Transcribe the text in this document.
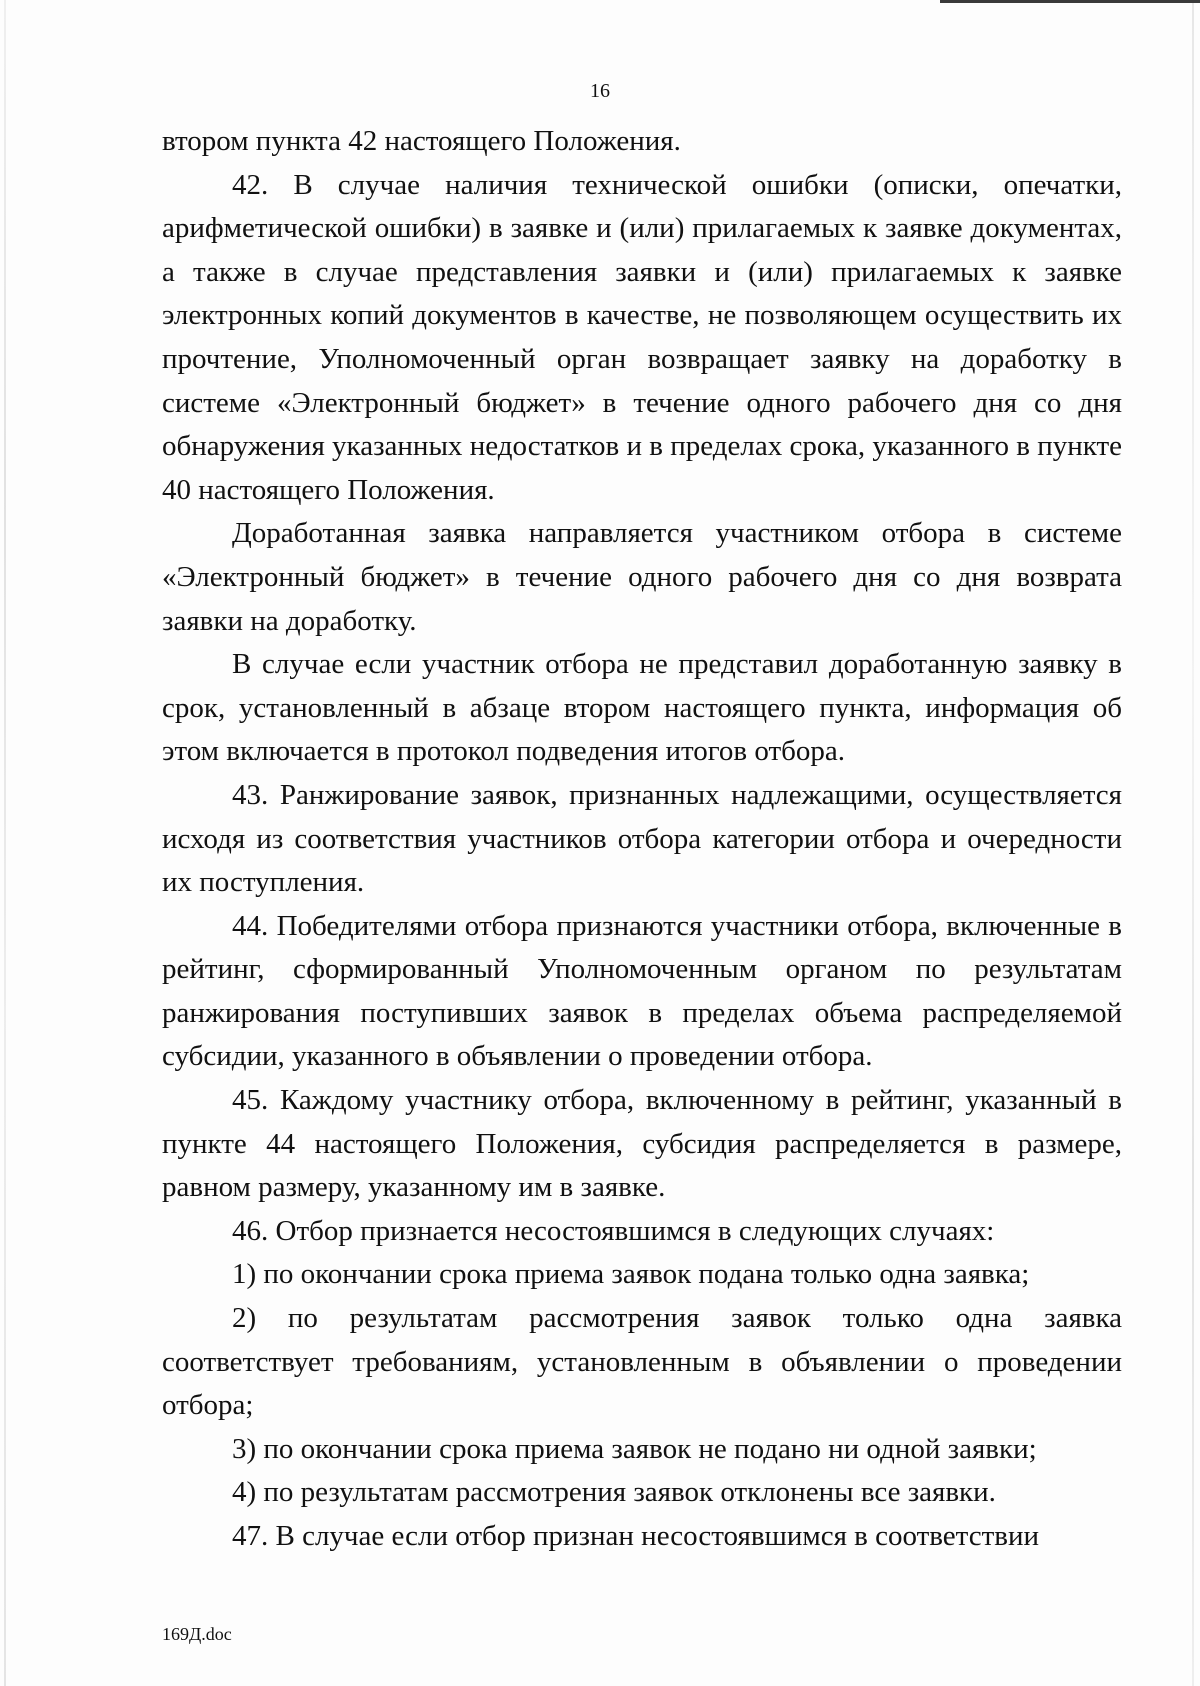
16

втором пункта 42 настоящего Положения.

42. В случае наличия технической ошибки (описки, опечатки, арифметической ошибки) в заявке и (или) прилагаемых к заявке документах, а также в случае представления заявки и (или) прилагаемых к заявке электронных копий документов в качестве, не позволяющем осуществить их прочтение, Уполномоченный орган возвращает заявку на доработку в системе «Электронный бюджет» в течение одного рабочего дня со дня обнаружения указанных недостатков и в пределах срока, указанного в пункте 40 настоящего Положения.

Доработанная заявка направляется участником отбора в системе «Электронный бюджет» в течение одного рабочего дня со дня возврата заявки на доработку.

В случае если участник отбора не представил доработанную заявку в срок, установленный в абзаце втором настоящего пункта, информация об этом включается в протокол подведения итогов отбора.

43. Ранжирование заявок, признанных надлежащими, осуществляется исходя из соответствия участников отбора категории отбора и очередности их поступления.

44. Победителями отбора признаются участники отбора, включенные в рейтинг, сформированный Уполномоченным органом по результатам ранжирования поступивших заявок в пределах объема распределяемой субсидии, указанного в объявлении о проведении отбора.

45. Каждому участнику отбора, включенному в рейтинг, указанный в пункте 44 настоящего Положения, субсидия распределяется в размере, равном размеру, указанному им в заявке.

46. Отбор признается несостоявшимся в следующих случаях:

1) по окончании срока приема заявок подана только одна заявка;

2) по результатам рассмотрения заявок только одна заявка соответствует требованиям, установленным в объявлении о проведении отбора;

3) по окончании срока приема заявок не подано ни одной заявки;

4) по результатам рассмотрения заявок отклонены все заявки.

47. В случае если отбор признан несостоявшимся в соответствии

169Д.doc
